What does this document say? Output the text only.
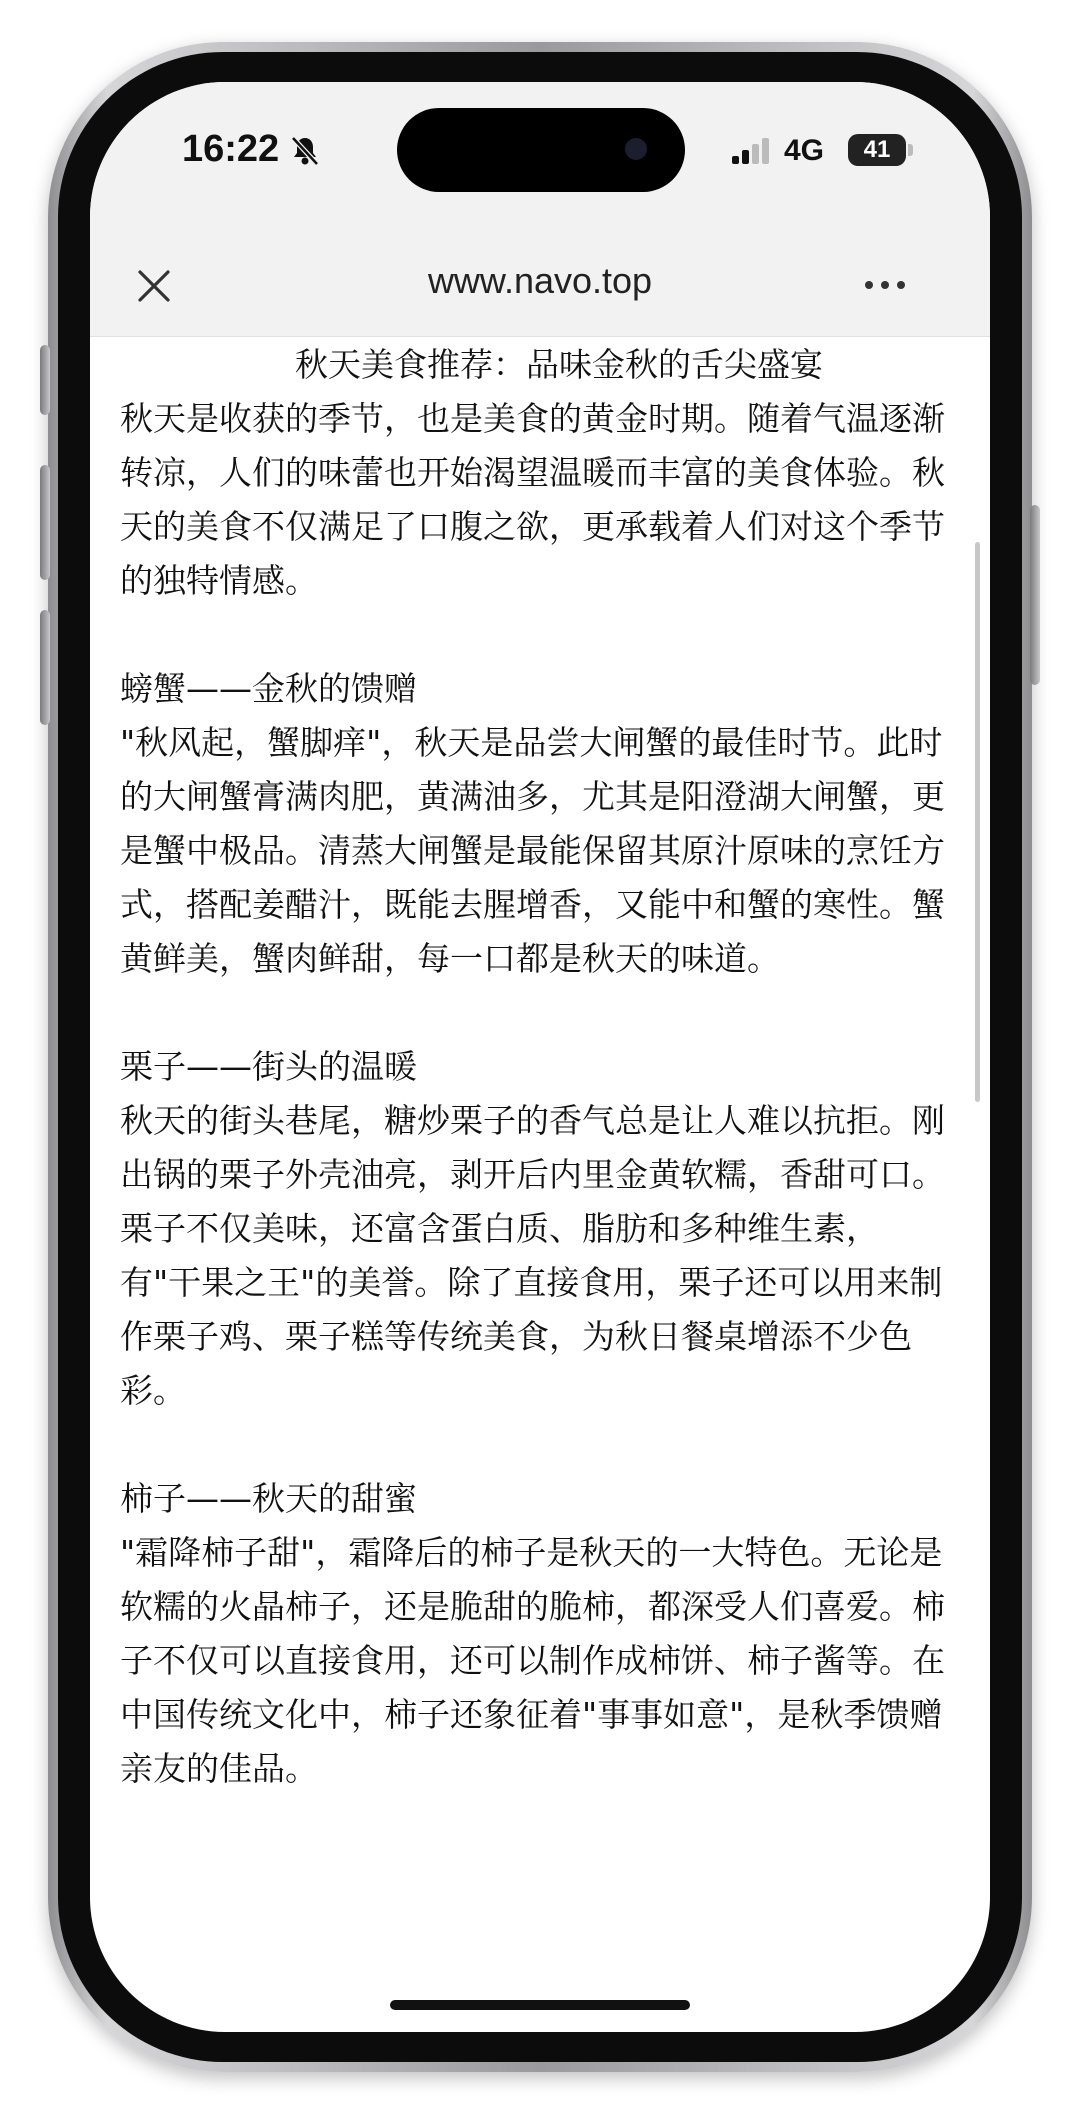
16:22	4G	41
www.navo.top
秋天美食推荐：品味金秋的舌尖盛宴

秋天是收获的季节，也是美食的黄金时期。随着气温逐渐转凉，人们的味蕾也开始渴望温暖而丰富的美食体验。秋天的美食不仅满足了口腹之欲，更承载着人们对这个季节的独特情感。

螃蟹——金秋的馈赠

"秋风起，蟹脚痒"，秋天是品尝大闸蟹的最佳时节。此时的大闸蟹膏满肉肥，黄满油多，尤其是阳澄湖大闸蟹，更是蟹中极品。清蒸大闸蟹是最能保留其原汁原味的烹饪方式，搭配姜醋汁，既能去腥增香，又能中和蟹的寒性。蟹黄鲜美，蟹肉鲜甜，每一口都是秋天的味道。

栗子——街头的温暖

秋天的街头巷尾，糖炒栗子的香气总是让人难以抗拒。刚出锅的栗子外壳油亮，剥开后内里金黄软糯，香甜可口。栗子不仅美味，还富含蛋白质、脂肪和多种维生素，有"干果之王"的美誉。除了直接食用，栗子还可以用来制作栗子鸡、栗子糕等传统美食，为秋日餐桌增添不少色彩。

柿子——秋天的甜蜜

"霜降柿子甜"，霜降后的柿子是秋天的一大特色。无论是软糯的火晶柿子，还是脆甜的脆柿，都深受人们喜爱。柿子不仅可以直接食用，还可以制作成柿饼、柿子酱等。在中国传统文化中，柿子还象征着"事事如意"，是秋季馈赠亲友的佳品。
